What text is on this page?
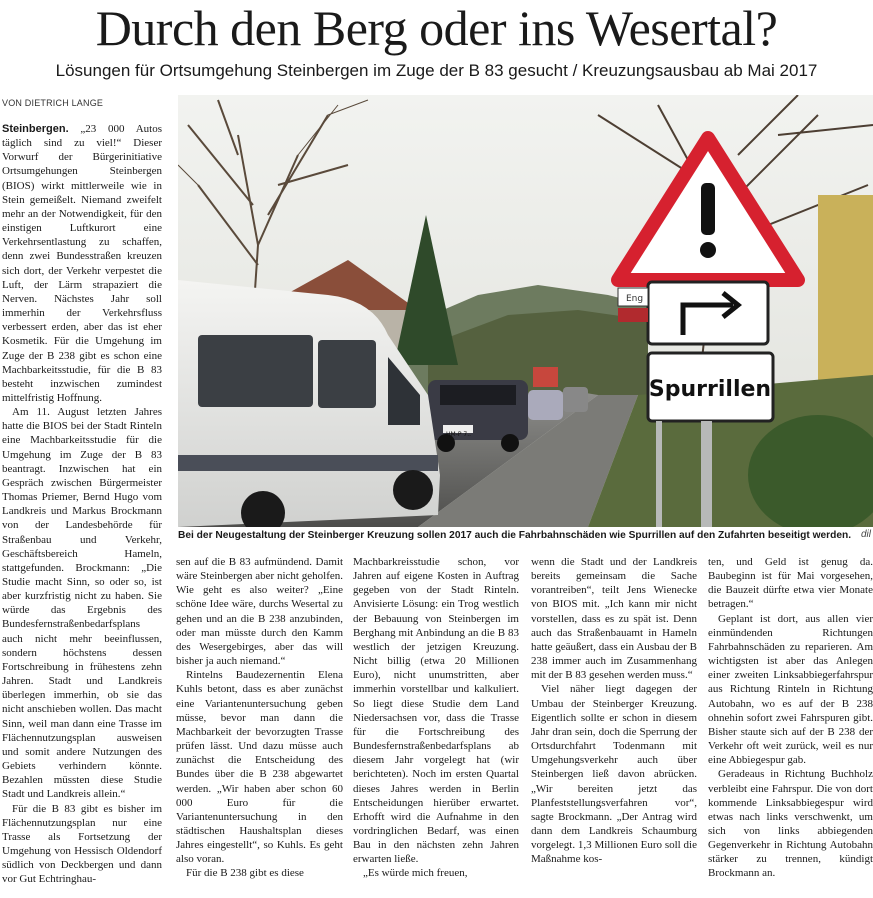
Durch den Berg oder ins Wesertal?
Lösungen für Ortsumgehung Steinbergen im Zuge der B 83 gesucht / Kreuzungsausbau ab Mai 2017
VON DIETRICH LANGE

Steinbergen. „23 000 Autos täglich sind zu viel!“ Dieser Vorwurf der Bürgerinitiative Ortsumgehungen Steinbergen (BIOS) wirkt mittlerweile wie in Stein gemeißelt. Niemand zweifelt mehr an der Notwendigkeit, für den einstigen Luftkurort eine Verkehrsentlastung zu schaffen, denn zwei Bundesstraßen kreuzen sich dort, der Verkehr verpestet die Luft, der Lärm strapaziert die Nerven. Nächstes Jahr soll immerhin der Verkehrsfluss verbessert erden, aber das ist eher Kosmetik. Für die Umgehung im Zuge der B 238 gibt es schon eine Machbarkeitsstudie, für die B 83 besteht inzwischen zumindest mittelfristig Hoffnung.

Am 11. August letzten Jahres hatte die BIOS bei der Stadt Rinteln eine Machbarkeitsstudie für die Umgehung im Zuge der B 83 beantragt. Inzwischen hat ein Gespräch zwischen Bürgermeister Thomas Priemer, Bernd Hugo vom Landkreis und Markus Brockmann von der Landesbehörde für Straßenbau und Verkehr, Geschäftsbereich Hameln, stattgefunden. Brockmann: „Die Studie macht Sinn, so oder so, ist aber kurzfristig nicht zu haben. Sie würde das Ergebnis des Bundesfernstraßenbedarfsplans auch nicht mehr beeinflussen, sondern höchstens dessen Fortschreibung in frühestens zehn Jahren. Stadt und Landkreis überlegen immerhin, ob sie das nicht anschieben wollen. Das macht Sinn, weil man dann eine Trasse im Flächennutzungsplan ausweisen und somit andere Nutzungen des Gebiets verhindern könnte. Bezahlen müssten diese Studie Stadt und Landkreis allein.“

Für die B 83 gibt es bisher im Flächennutzungsplan nur eine Trasse als Fortsetzung der Umgehung von Hessisch Oldendorf südlich von Deckbergen und dann vor Gut Echtringhau-

Spurrillen
Eng
HM-P 7..
Bei der Neugestaltung der Steinberger Kreuzung sollen 2017 auch die Fahrbahnschäden wie Spurrillen auf den Zufahrten beseitigt werden. dil

sen auf die B 83 aufmündend. Damit wäre Steinbergen aber nicht geholfen. Wie geht es also weiter? „Eine schöne Idee wäre, durchs Wesertal zu gehen und an die B 238 anzubinden, oder man müsste durch den Kamm des Wesergebirges, aber das will bisher ja auch niemand.“

Rintelns Baudezernentin Elena Kuhls betont, dass es aber zunächst eine Variantenuntersuchung geben müsse, bevor man dann die Machbarkeit der bevorzugten Trasse prüfen lässt. Und dazu müsse auch zunächst die Entscheidung des Bundes über die B 238 abgewartet werden. „Wir haben aber schon 60 000 Euro für die Variantenuntersuchung in den städtischen Haushaltsplan dieses Jahres eingestellt“, so Kuhls. Es geht also voran.

Für die B 238 gibt es diese

Machbarkreisstudie schon, vor Jahren auf eigene Kosten in Auftrag gegeben von der Stadt Rinteln. Anvisierte Lösung: ein Trog westlich der Bebauung von Steinbergen im Berghang mit Anbindung an die B 83 westlich der jetzigen Kreuzung. Nicht billig (etwa 20 Millionen Euro), nicht unumstritten, aber immerhin vorstellbar und kalkuliert. So liegt diese Studie dem Land Niedersachsen vor, dass die Trasse für die Fortschreibung des Bundesfernstraßenbedarfsplans ab diesem Jahr vorgelegt hat (wir berichteten). Noch im ersten Quartal dieses Jahres werden in Berlin Entscheidungen hierüber erwartet. Erhofft wird die Aufnahme in den vordringlichen Bedarf, was einen Bau in den nächsten zehn Jahren erwarten ließe.

„Es würde mich freuen,

wenn die Stadt und der Landkreis bereits gemeinsam die Sache vorantreiben“, teilt Jens Wienecke von BIOS mit. „Ich kann mir nicht vorstellen, dass es zu spät ist. Denn auch das Straßenbauamt in Hameln hatte geäußert, dass ein Ausbau der B 238 immer auch im Zusammenhang mit der B 83 gesehen werden muss.“

Viel näher liegt dagegen der Umbau der Steinberger Kreuzung. Eigentlich sollte er schon in diesem Jahr dran sein, doch die Sperrung der Ortsdurchfahrt Todenmann mit Umgehungsverkehr auch über Steinbergen ließ davon abrücken. „Wir bereiten jetzt das Planfeststellungsverfahren vor“, sagte Brockmann. „Der Antrag wird dann dem Landkreis Schaumburg vorgelegt. 1,3 Millionen Euro soll die Maßnahme kos-

ten, und Geld ist genug da. Baubeginn ist für Mai vorgesehen, die Bauzeit dürfte etwa vier Monate betragen.“

Geplant ist dort, aus allen vier einmündenden Richtungen Fahrbahnschäden zu reparieren. Am wichtigsten ist aber das Anlegen einer zweiten Linksabbiegerfahrspur aus Richtung Rinteln in Richtung Autobahn, wo es auf der B 238 ohnehin sofort zwei Fahrspuren gibt. Bisher staute sich auf der B 238 der Verkehr oft weit zurück, weil es nur eine Abbiegespur gab.

Geradeaus in Richtung Buchholz verbleibt eine Fahrspur. Die von dort kommende Linksabbiegespur wird etwas nach links verschwenkt, um sich von links abbiegenden Gegenverkehr in Richtung Autobahn stärker zu trennen, kündigt Brockmann an.
